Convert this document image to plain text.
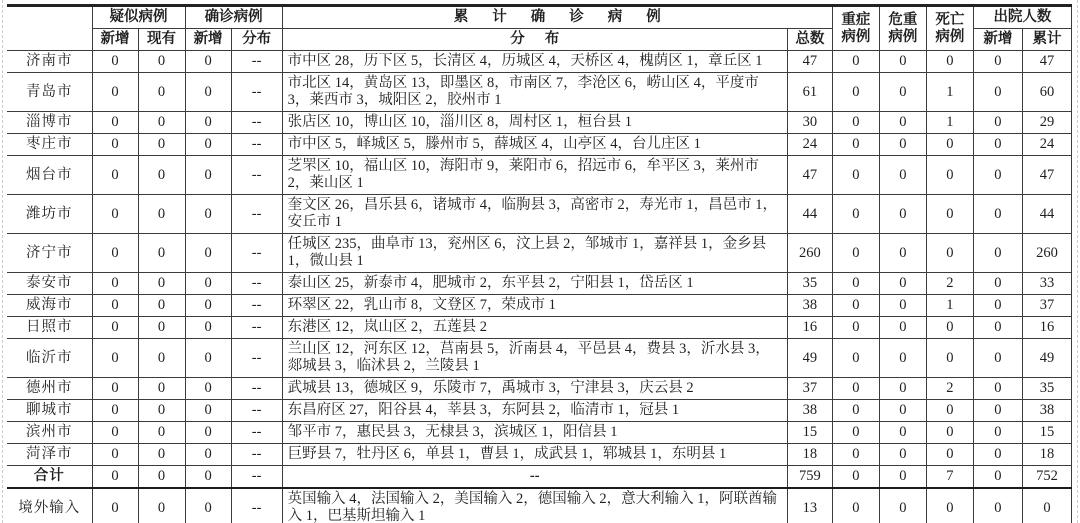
	疑似病例		确诊病例		累计确诊病例		重症病例	危重病例	死亡病例	出院人数	
	新增	现有	新增	分布	分布	总数				新增	累计
济南市	0	0	0	--	市中区 28，历下区 5，长清区 4，历城区 4，天桥区 4，槐荫区 1，章丘区 1	47	0	0	0	0	47
青岛市	0	0	0	--	市北区 14，黄岛区 13，即墨区 8，市南区 7，李沧区 6，崂山区 4，平度市 3，莱西市 3，城阳区 2，胶州市 1	61	0	0	1	0	60
淄博市	0	0	0	--	张店区 10，博山区 10，淄川区 8，周村区 1，桓台县 1	30	0	0	1	0	29
枣庄市	0	0	0	--	市中区 5，峄城区 5，滕州市 5，薛城区 4，山亭区 4，台儿庄区 1	24	0	0	0	0	24
烟台市	0	0	0	--	芝罘区 10，福山区 10，海阳市 9，莱阳市 6，招远市 6，牟平区 3，莱州市 2，莱山区 1	47	0	0	0	0	47
潍坊市	0	0	0	--	奎文区 26，昌乐县 6，诸城市 4，临朐县 3，高密市 2，寿光市 1，昌邑市 1，安丘市 1	44	0	0	0	0	44
济宁市	0	0	0	--	任城区 235，曲阜市 13，兖州区 6，汶上县 2，邹城市 1，嘉祥县 1，金乡县 1，微山县 1	260	0	0	0	0	260
泰安市	0	0	0	--	泰山区 25，新泰市 4，肥城市 2，东平县 2，宁阳县 1，岱岳区 1	35	0	0	2	0	33
威海市	0	0	0	--	环翠区 22，乳山市 8，文登区 7，荣成市 1	38	0	0	1	0	37
日照市	0	0	0	--	东港区 12，岚山区 2，五莲县 2	16	0	0	0	0	16
临沂市	0	0	0	--	兰山区 12，河东区 12，莒南县 5，沂南县 4，平邑县 4，费县 3，沂水县 3，郯城县 3，临沭县 2，兰陵县 1	49	0	0	0	0	49
德州市	0	0	0	--	武城县 13，德城区 9，乐陵市 7，禹城市 3，宁津县 3，庆云县 2	37	0	0	2	0	35
聊城市	0	0	0	--	东昌府区 27，阳谷县 4，莘县 3，东阿县 2，临清市 1，冠县 1	38	0	0	0	0	38
滨州市	0	0	0	--	邹平市 7，惠民县 3，无棣县 3，滨城区 1，阳信县 1	15	0	0	0	0	15
菏泽市	0	0	0	--	巨野县 7，牡丹区 6，单县 1，曹县 1，成武县 1，郓城县 1，东明县 1	18	0	0	0	0	18
合计	0	0	0	--	--	759	0	0	7	0	752
境外输入	0	0	0	--	英国输入 4，法国输入 2，美国输入 2，德国输入 2，意大利输入 1，阿联酋输入 1，巴基斯坦输入 1	13	0	0	0	0	0
